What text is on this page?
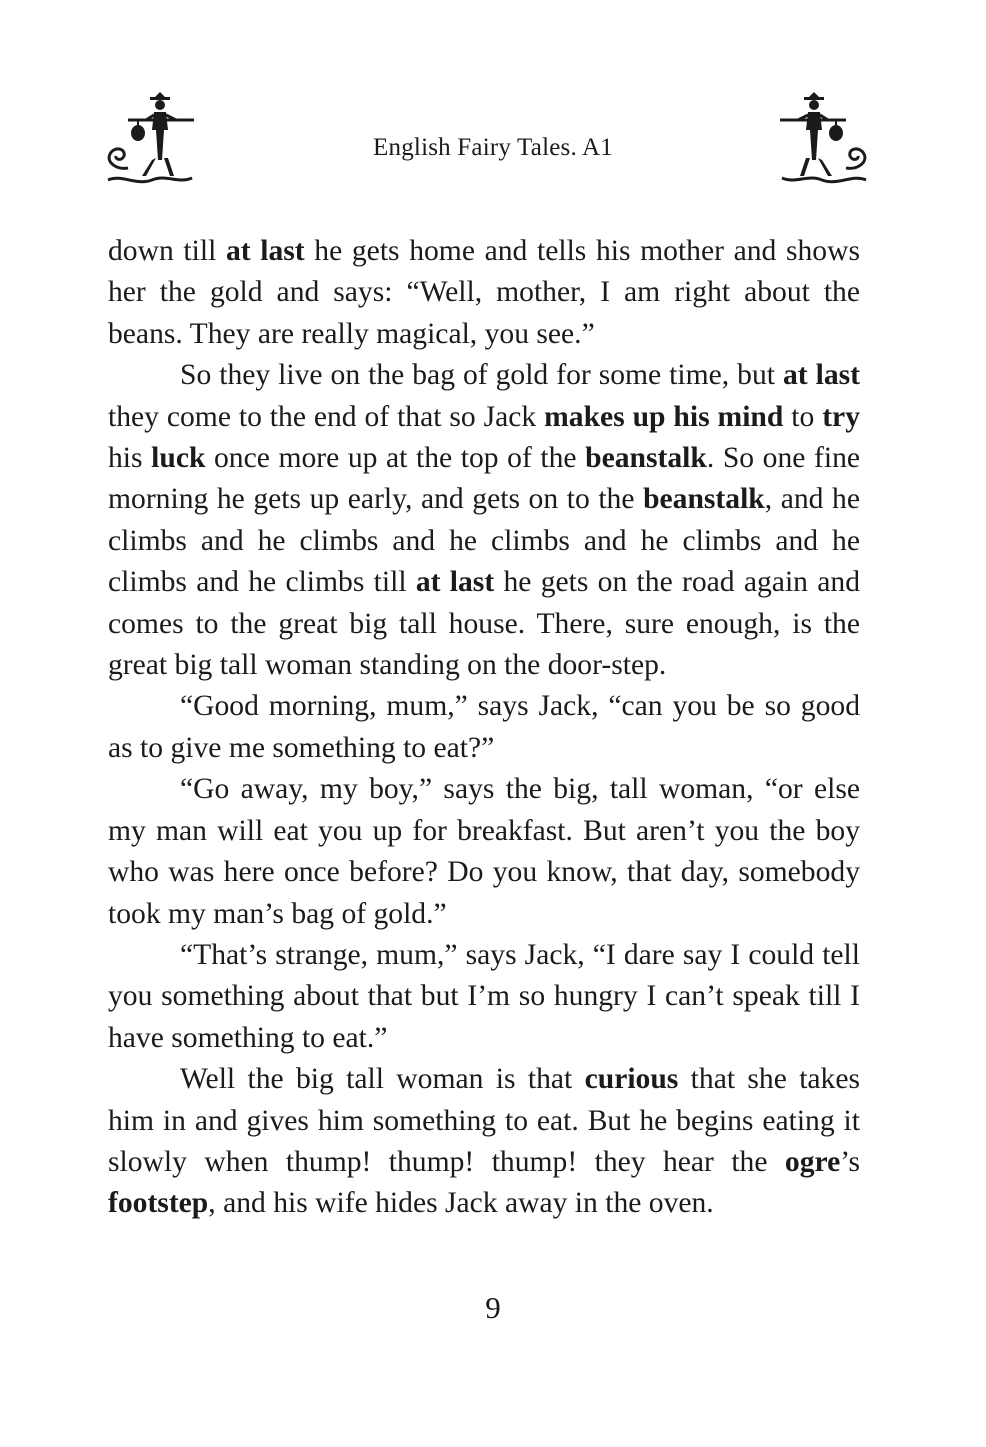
English Fairy Tales. A1

down till at last he gets home and tells his mother and shows her the gold and says: “Well, mother, I am right about the beans. They are really magical, you see.”

So they live on the bag of gold for some time, but at last they come to the end of that so Jack makes up his mind to try his luck once more up at the top of the beanstalk. So one fine morning he gets up early, and gets on to the beanstalk, and he climbs and he climbs and he climbs and he climbs and he climbs and he climbs till at last he gets on the road again and comes to the great big tall house. There, sure enough, is the great big tall woman standing on the door-step.

“Good morning, mum,” says Jack, “can you be so good as to give me something to eat?”

“Go away, my boy,” says the big, tall woman, “or else my man will eat you up for breakfast. But aren’t you the boy who was here once before? Do you know, that day, somebody took my man’s bag of gold.”

“That’s strange, mum,” says Jack, “I dare say I could tell you something about that but I’m so hungry I can’t speak till I have something to eat.”

Well the big tall woman is that curious that she takes him in and gives him something to eat. But he begins eating it slowly when thump! thump! thump! they hear the ogre’s footstep, and his wife hides Jack away in the oven.

9
